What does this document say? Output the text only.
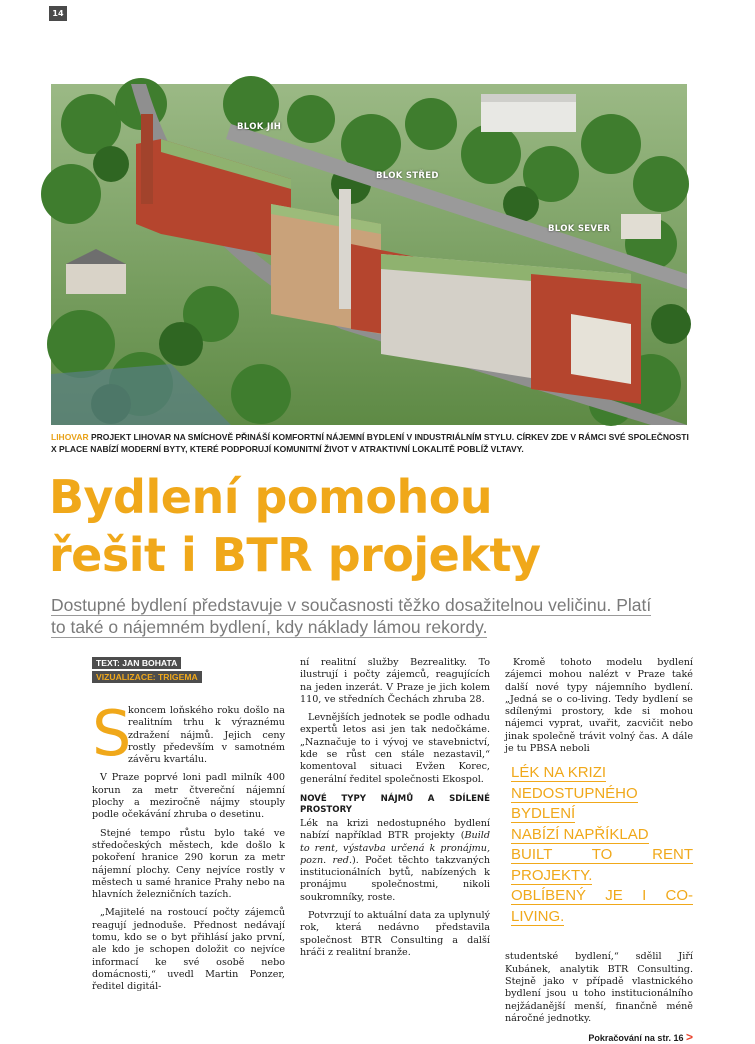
14
BLOK JIH
BLOK STŘED
BLOK SEVER
LIHOVAR PROJEKT LIHOVAR NA SMÍCHOVĚ PŘINÁŠÍ KOMFORTNÍ NÁJEMNÍ BYDLENÍ V INDUSTRIÁLNÍM STYLU. CÍRKEV ZDE V RÁMCI SVÉ SPOLEČNOSTI X PLACE NABÍZÍ MODERNÍ BYTY, KTERÉ PODPORUJÍ KOMUNITNÍ ŽIVOT V ATRAKTIVNÍ LOKALITĚ POBLÍŽ VLTAVY.
Bydlení pomohou
řešit i BTR projekty
Dostupné bydlení představuje v současnosti těžko dosažitelnou veličinu. Platí
to také o nájemném bydlení, kdy náklady lámou rekordy.
TEXT: JAN BOHATA
VIZUALIZACE: TRIGEMA
S

koncem loňského roku došlo na realitním trhu k výraznému zdražení nájmů. Jejich ceny rostly především v samotném závěru kvartálu.

V Praze poprvé loni padl milník 400 korun za metr čtvereční nájemní plochy a meziročně nájmy stouply podle očekávání zhruba o desetinu.

Stejné tempo růstu bylo také ve středočeských městech, kde došlo k pokoření hranice 290 korun za metr nájemní plochy. Ceny nejvíce rostly v městech u samé hranice Prahy nebo na hlavních železničních tazích.

„Majitelé na rostoucí počty zájemců reagují jednoduše. Přednost nedávají tomu, kdo se o byt přihlásí jako první, ale kdo je schopen doložit co nejvíce informací ke své osobě nebo domácnosti,“ uvedl Martin Ponzer, ředitel digitál-

ní realitní služby Bezrealitky. To ilustrují i počty zájemců, reagujících na jeden inzerát. V Praze je jich kolem 110, ve středních Čechách zhruba 28.

Levnějších jednotek se podle odhadu expertů letos asi jen tak nedočkáme. „Naznačuje to i vývoj ve stavebnictví, kde se růst cen stále nezastavil,“ komentoval situaci Evžen Korec, generální ředitel společnosti Ekospol.

NOVÉ TYPY NÁJMŮ A SDÍLENÉ PROSTORY

Lék na krizi nedostupného bydlení nabízí například BTR projekty (Build to rent, výstavba určená k pronájmu, pozn. red.). Počet těchto takzvaných institucionálních bytů, nabízených k pronájmu společnostmi, nikoli soukromníky, roste.

Potvrzují to aktuální data za uplynulý rok, která nedávno představila společnost BTR Consulting a další hráči z realitní branže.

Kromě tohoto modelu bydlení zájemci mohou nalézt v Praze také další nové typy nájemního bydlení. „Jedná se o co-living. Tedy bydlení se sdílenými prostory, kde si mohou nájemci vyprat, uvařit, zacvičit nebo jinak společně trávit volný čas. A dále je tu PBSA neboli

LÉK NA KRIZI
NEDOSTUPNÉHO BYDLENÍ
NABÍZÍ NAPŘÍKLAD
BUILT TO RENT PROJEKTY.
OBLÍBENÝ JE I CO-LIVING.

studentské bydlení,“ sdělil Jiří Kubánek, analytik BTR Consulting. Stejně jako v případě vlastnického bydlení jsou u toho institucionálního nejžádanější menší, finančně méně náročné jednotky.

Pokračování na str. 16 >
